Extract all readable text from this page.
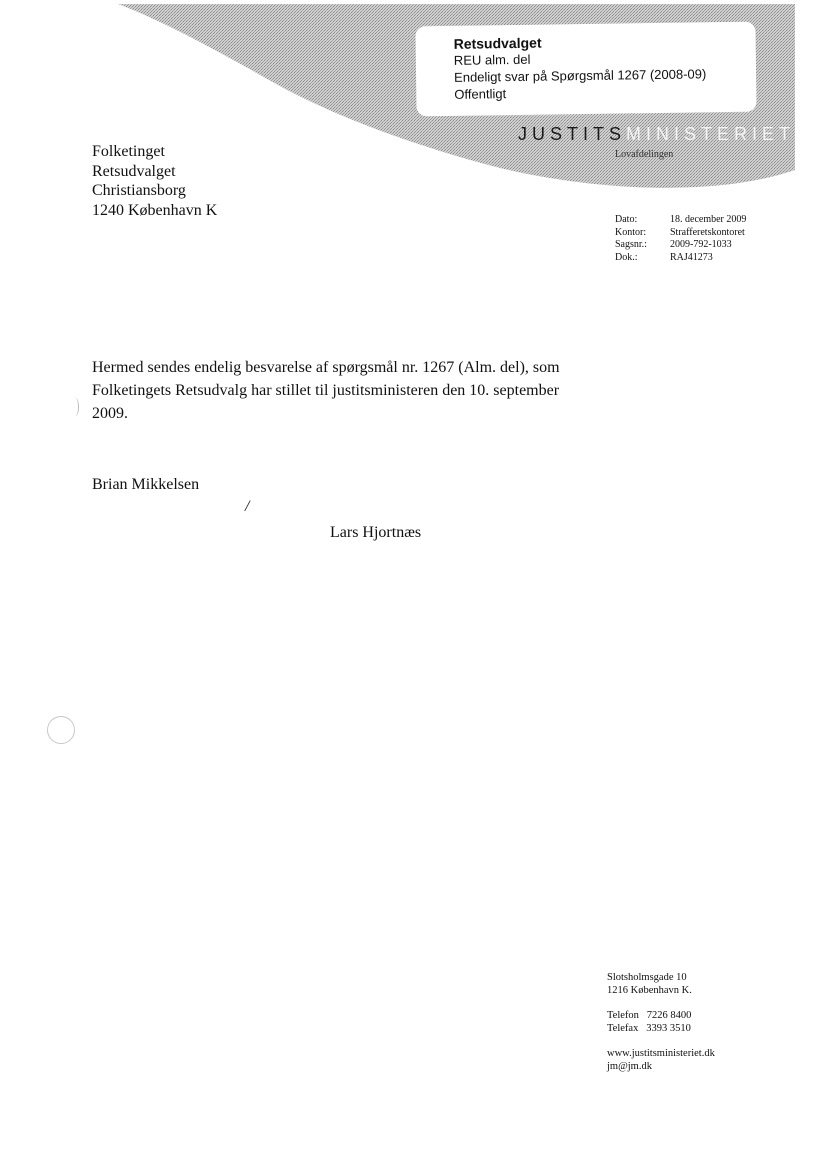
Retsudvalget
REU alm. del
Endeligt svar på Spørgsmål 1267 (2008-09)
Offentligt
JUSTITSMINISTERIET
Lovafdelingen
Folketinget
Retsudvalget
Christiansborg
1240 København K
Dato:	18. december 2009
Kontor:	Strafferetskontoret
Sagsnr.:	2009-792-1033
Dok.:	RAJ41273
Hermed sendes endelig besvarelse af spørgsmål nr. 1267 (Alm. del), som Folketingets Retsudvalg har stillet til justitsministeren den 10. september 2009.
Brian Mikkelsen
/
Lars Hjortnæs
Slotsholmsgade 10
1216 København K.
Telefon   7226 8400
Telefax   3393 3510
www.justitsministeriet.dk
jm@jm.dk
